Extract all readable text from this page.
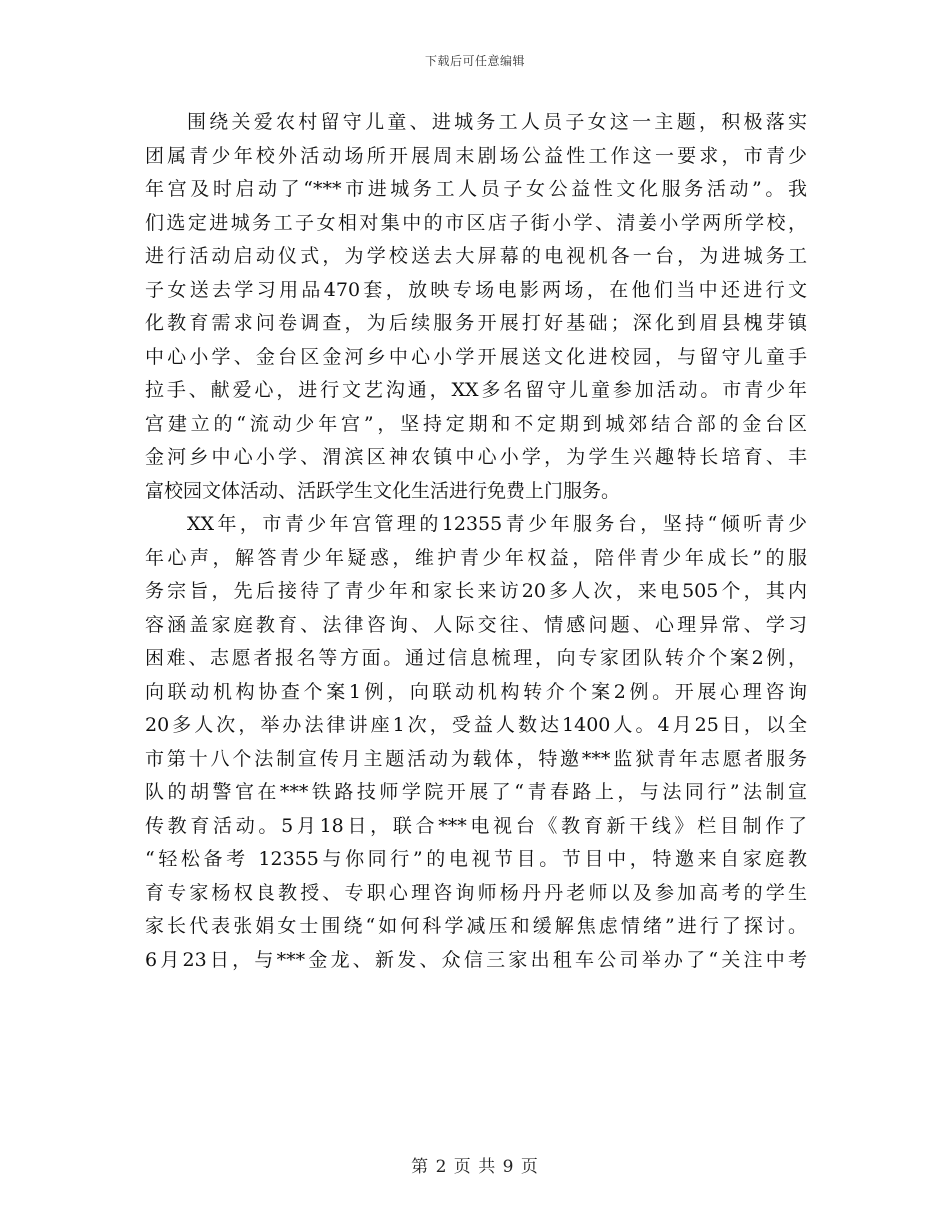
下载后可任意编辑
围绕关爱农村留守儿童、进城务工人员子女这一主题，积极落实
团属青少年校外活动场所开展周末剧场公益性工作这一要求，市青少
年宫及时启动了“***市进城务工人员子女公益性文化服务活动”。我
们选定进城务工子女相对集中的市区店子街小学、清姜小学两所学校，
进行活动启动仪式，为学校送去大屏幕的电视机各一台，为进城务工
子女送去学习用品470套，放映专场电影两场，在他们当中还进行文
化教育需求问卷调查，为后续服务开展打好基础；深化到眉县槐芽镇
中心小学、金台区金河乡中心小学开展送文化进校园，与留守儿童手
拉手、献爱心，进行文艺沟通，XX多名留守儿童参加活动。市青少年
宫建立的“流动少年宫”，坚持定期和不定期到城郊结合部的金台区
金河乡中心小学、渭滨区神农镇中心小学，为学生兴趣特长培育、丰
富校园文体活动、活跃学生文化生活进行免费上门服务。
XX年，市青少年宫管理的12355青少年服务台，坚持“倾听青少
年心声，解答青少年疑惑，维护青少年权益，陪伴青少年成长”的服
务宗旨，先后接待了青少年和家长来访20多人次，来电505个，其内
容涵盖家庭教育、法律咨询、人际交往、情感问题、心理异常、学习
困难、志愿者报名等方面。通过信息梳理，向专家团队转介个案2例，
向联动机构协查个案1例，向联动机构转介个案2例。开展心理咨询
20多人次，举办法律讲座1次，受益人数达1400人。4月25日，以全
市第十八个法制宣传月主题活动为载体，特邀***监狱青年志愿者服务
队的胡警官在***铁路技师学院开展了“青春路上，与法同行”法制宣
传教育活动。5月18日，联合***电视台《教育新干线》栏目制作了
“轻松备考 12355与你同行”的电视节目。节目中，特邀来自家庭教
育专家杨权良教授、专职心理咨询师杨丹丹老师以及参加高考的学生
家长代表张娟女士围绕“如何科学减压和缓解焦虑情绪”进行了探讨。
6月23日，与***金龙、新发、众信三家出租车公司举办了“关注中考
第 2 页 共 9 页
